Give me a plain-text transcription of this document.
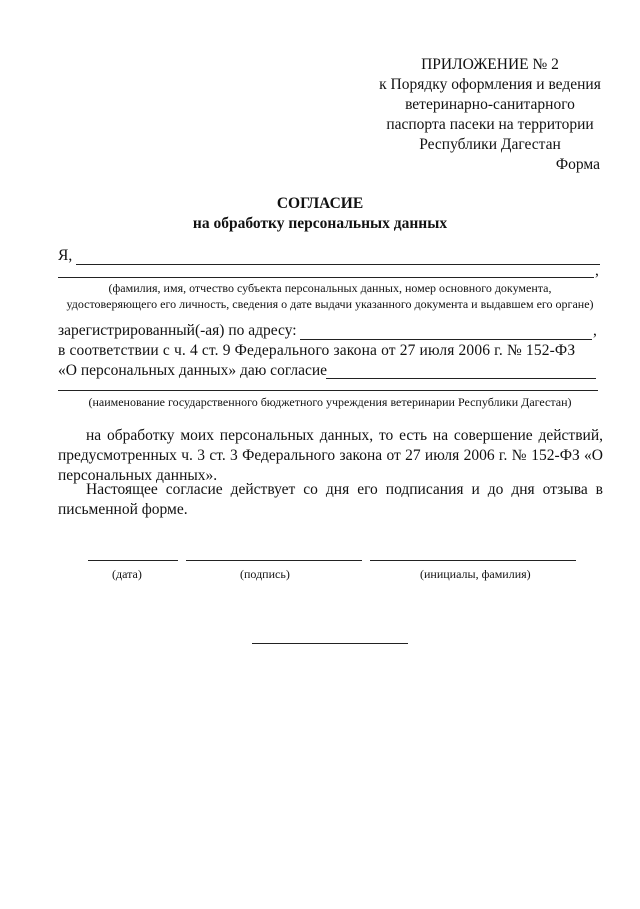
ПРИЛОЖЕНИЕ № 2
к Порядку оформления и ведения
ветеринарно-санитарного
паспорта пасеки на территории
Республики Дагестан
Форма
СОГЛАСИЕ
на обработку персональных данных
Я,
,
(фамилия, имя, отчество субъекта персональных данных, номер основного документа,
удостоверяющего его личность, сведения о дате выдачи указанного документа и выдавшем его органе)
зарегистрированный(-ая) по адресу:	,
в соответствии с ч. 4 ст. 9 Федерального закона от 27 июля 2006 г. № 152-ФЗ
«О персональных данных» даю согласие
(наименование государственного бюджетного учреждения ветеринарии Республики Дагестан)
на обработку моих персональных данных, то есть на совершение действий, предусмотренных ч. 3 ст. 3 Федерального закона от 27 июля 2006 г. № 152-ФЗ «О персональных данных».
Настоящее согласие действует со дня его подписания и до дня отзыва в письменной форме.
(дата)	(подпись)	(инициалы, фамилия)
